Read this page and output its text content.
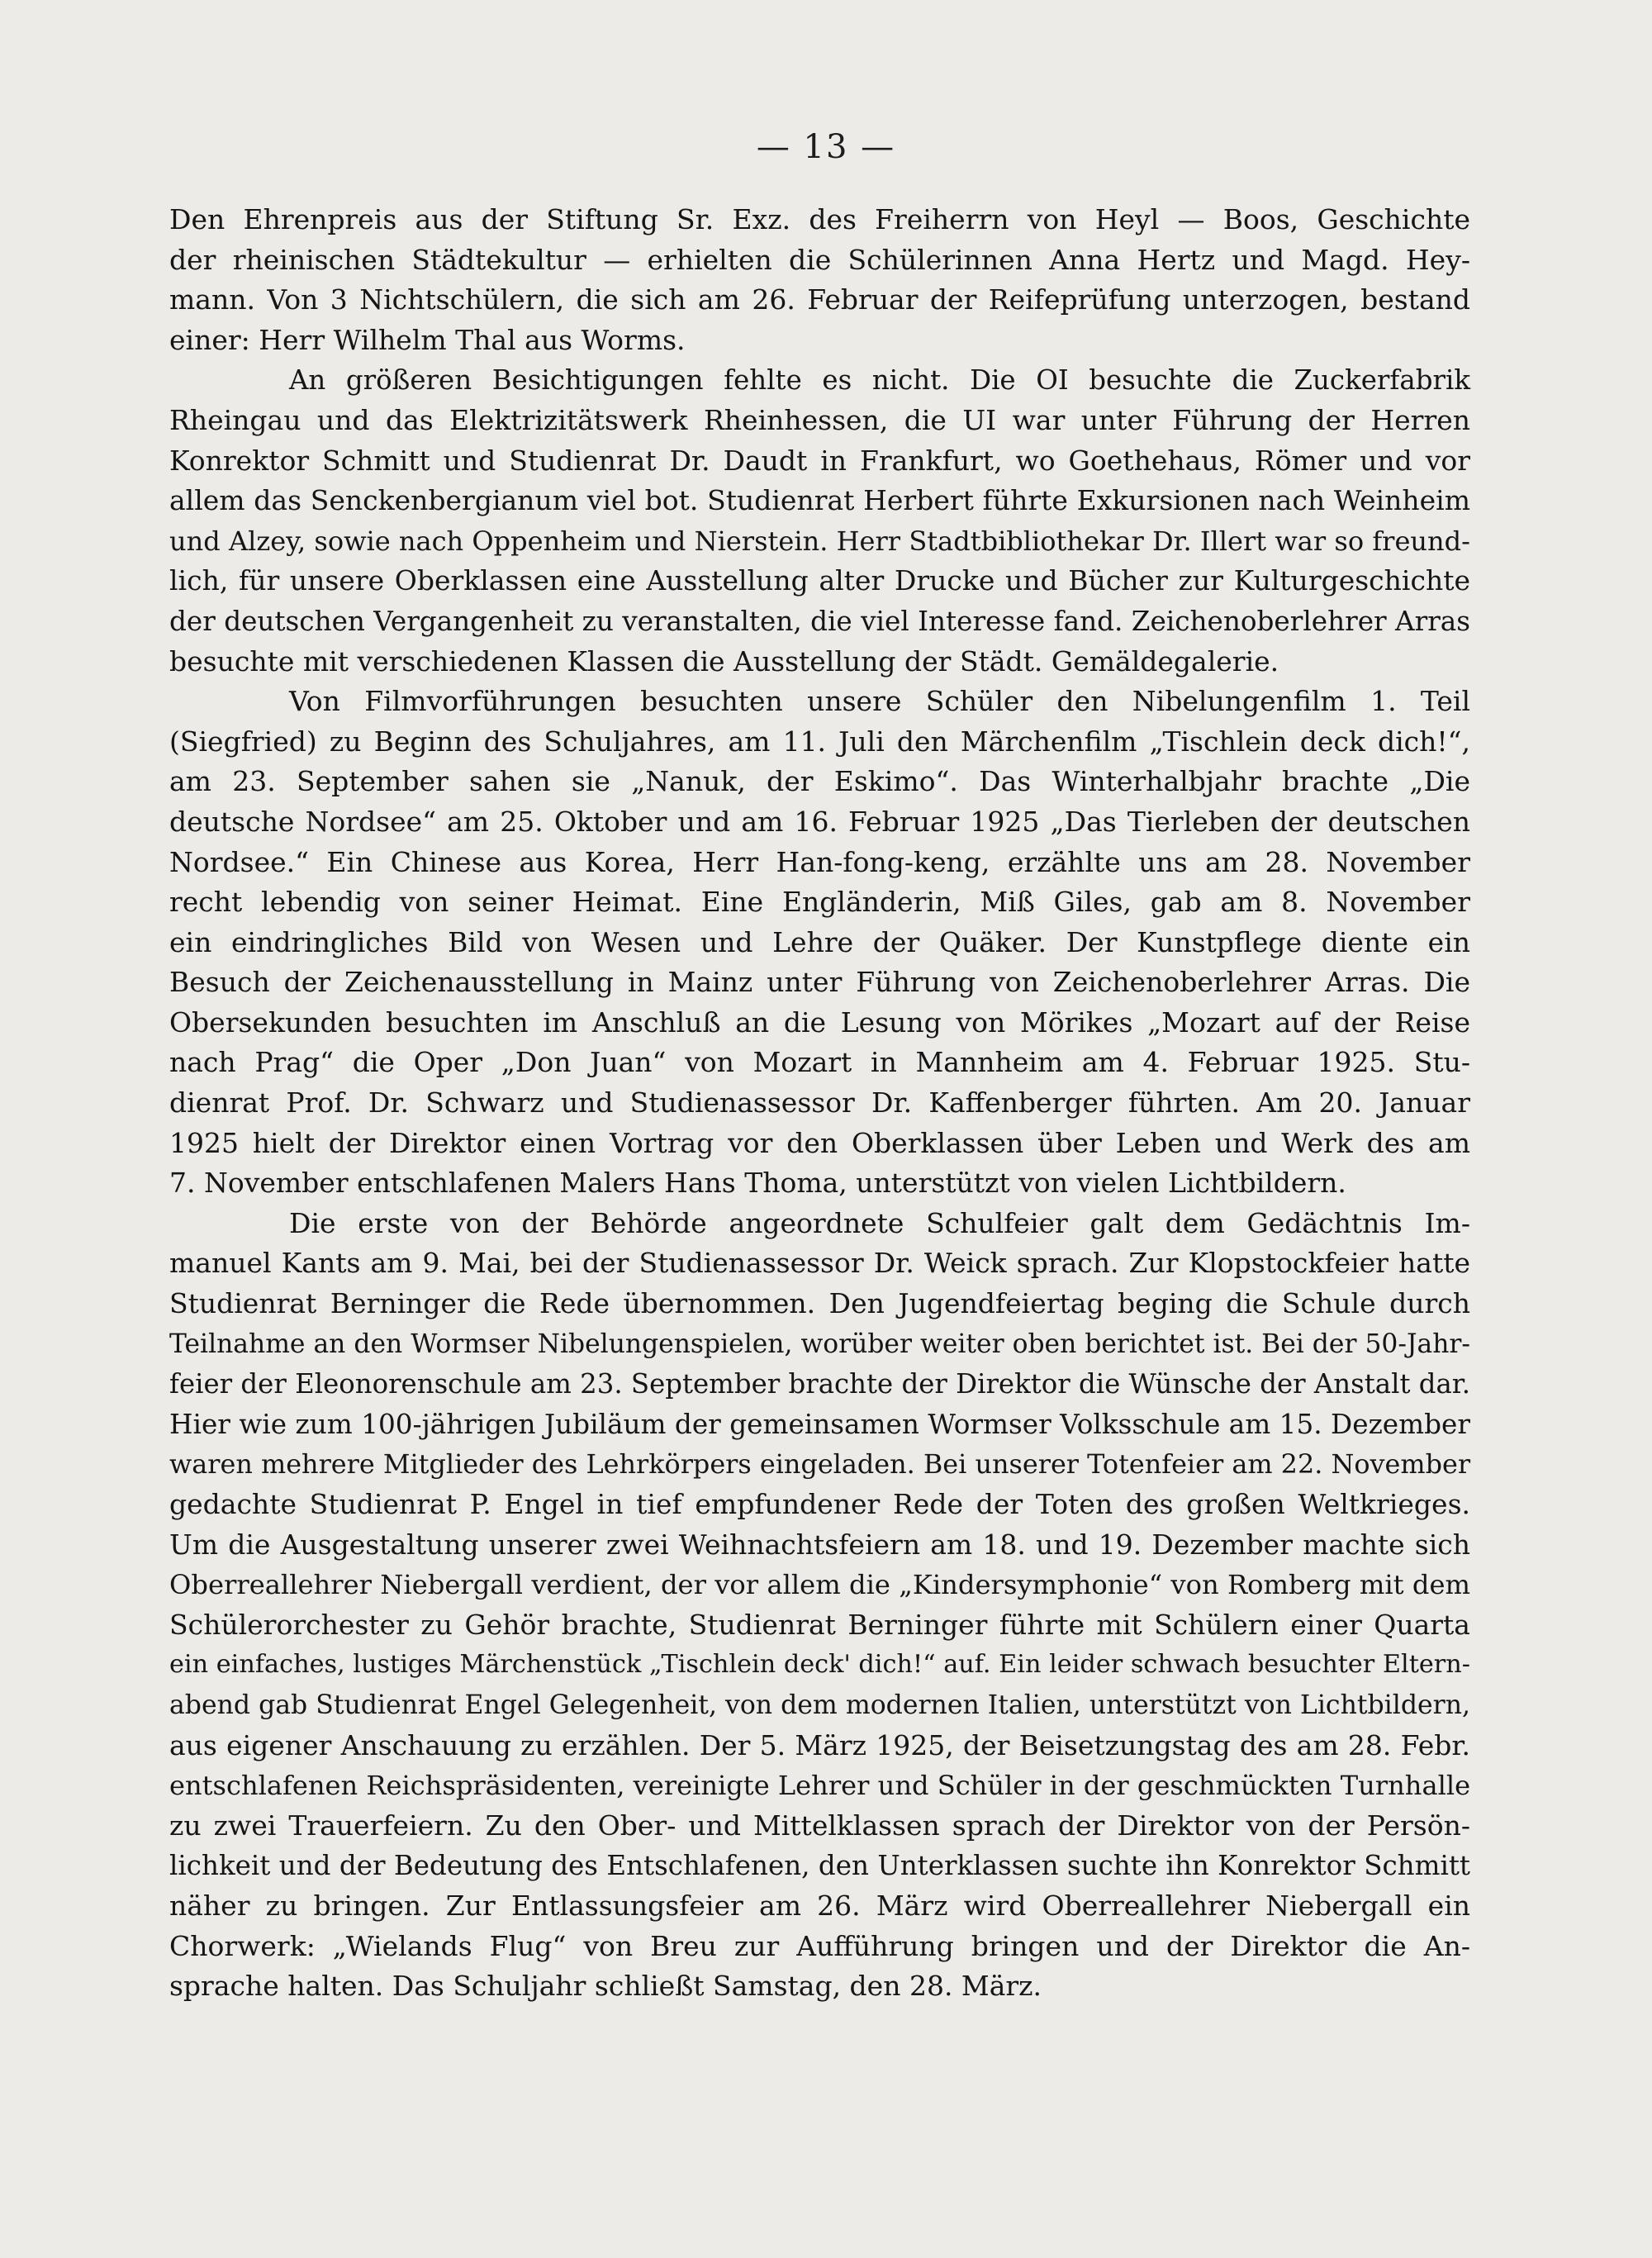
— 13 —
Den Ehrenpreis aus der Stiftung Sr. Exz. des Freiherrn von Heyl — Boos, Geschichte
der rheinischen Städtekultur — erhielten die Schülerinnen Anna Hertz und Magd. Hey-
mann. Von 3 Nichtschülern, die sich am 26. Februar der Reifeprüfung unterzogen, bestand
einer: Herr Wilhelm Thal aus Worms.
An größeren Besichtigungen fehlte es nicht. Die OI besuchte die Zuckerfabrik
Rheingau und das Elektrizitätswerk Rheinhessen, die UI war unter Führung der Herren
Konrektor Schmitt und Studienrat Dr. Daudt in Frankfurt, wo Goethehaus, Römer und vor
allem das Senckenbergianum viel bot. Studienrat Herbert führte Exkursionen nach Weinheim
und Alzey, sowie nach Oppenheim und Nierstein. Herr Stadtbibliothekar Dr. Illert war so freund-
lich, für unsere Oberklassen eine Ausstellung alter Drucke und Bücher zur Kulturgeschichte
der deutschen Vergangenheit zu veranstalten, die viel Interesse fand. Zeichenoberlehrer Arras
besuchte mit verschiedenen Klassen die Ausstellung der Städt. Gemäldegalerie.
Von Filmvorführungen besuchten unsere Schüler den Nibelungenfilm 1. Teil
(Siegfried) zu Beginn des Schuljahres, am 11. Juli den Märchenfilm „Tischlein deck dich!“,
am 23. September sahen sie „Nanuk, der Eskimo“. Das Winterhalbjahr brachte „Die
deutsche Nordsee“ am 25. Oktober und am 16. Februar 1925 „Das Tierleben der deutschen
Nordsee.“ Ein Chinese aus Korea, Herr Han-fong-keng, erzählte uns am 28. November
recht lebendig von seiner Heimat. Eine Engländerin, Miß Giles, gab am 8. November
ein eindringliches Bild von Wesen und Lehre der Quäker. Der Kunstpflege diente ein
Besuch der Zeichenausstellung in Mainz unter Führung von Zeichenoberlehrer Arras. Die
Obersekunden besuchten im Anschluß an die Lesung von Mörikes „Mozart auf der Reise
nach Prag“ die Oper „Don Juan“ von Mozart in Mannheim am 4. Februar 1925. Stu-
dienrat Prof. Dr. Schwarz und Studienassessor Dr. Kaffenberger führten. Am 20. Januar
1925 hielt der Direktor einen Vortrag vor den Oberklassen über Leben und Werk des am
7. November entschlafenen Malers Hans Thoma, unterstützt von vielen Lichtbildern.
Die erste von der Behörde angeordnete Schulfeier galt dem Gedächtnis Im-
manuel Kants am 9. Mai, bei der Studienassessor Dr. Weick sprach. Zur Klopstockfeier hatte
Studienrat Berninger die Rede übernommen. Den Jugendfeiertag beging die Schule durch
Teilnahme an den Wormser Nibelungenspielen, worüber weiter oben berichtet ist. Bei der 50-Jahr-
feier der Eleonorenschule am 23. September brachte der Direktor die Wünsche der Anstalt dar.
Hier wie zum 100-jährigen Jubiläum der gemeinsamen Wormser Volksschule am 15. Dezember
waren mehrere Mitglieder des Lehrkörpers eingeladen. Bei unserer Totenfeier am 22. November
gedachte Studienrat P. Engel in tief empfundener Rede der Toten des großen Weltkrieges.
Um die Ausgestaltung unserer zwei Weihnachtsfeiern am 18. und 19. Dezember machte sich
Oberreallehrer Niebergall verdient, der vor allem die „Kindersymphonie“ von Romberg mit dem
Schülerorchester zu Gehör brachte, Studienrat Berninger führte mit Schülern einer Quarta
ein einfaches, lustiges Märchenstück „Tischlein deck' dich!“ auf. Ein leider schwach besuchter Eltern-
abend gab Studienrat Engel Gelegenheit, von dem modernen Italien, unterstützt von Lichtbildern,
aus eigener Anschauung zu erzählen. Der 5. März 1925, der Beisetzungstag des am 28. Febr.
entschlafenen Reichspräsidenten, vereinigte Lehrer und Schüler in der geschmückten Turnhalle
zu zwei Trauerfeiern. Zu den Ober- und Mittelklassen sprach der Direktor von der Persön-
lichkeit und der Bedeutung des Entschlafenen, den Unterklassen suchte ihn Konrektor Schmitt
näher zu bringen. Zur Entlassungsfeier am 26. März wird Oberreallehrer Niebergall ein
Chorwerk: „Wielands Flug“ von Breu zur Aufführung bringen und der Direktor die An-
sprache halten. Das Schuljahr schließt Samstag, den 28. März.
